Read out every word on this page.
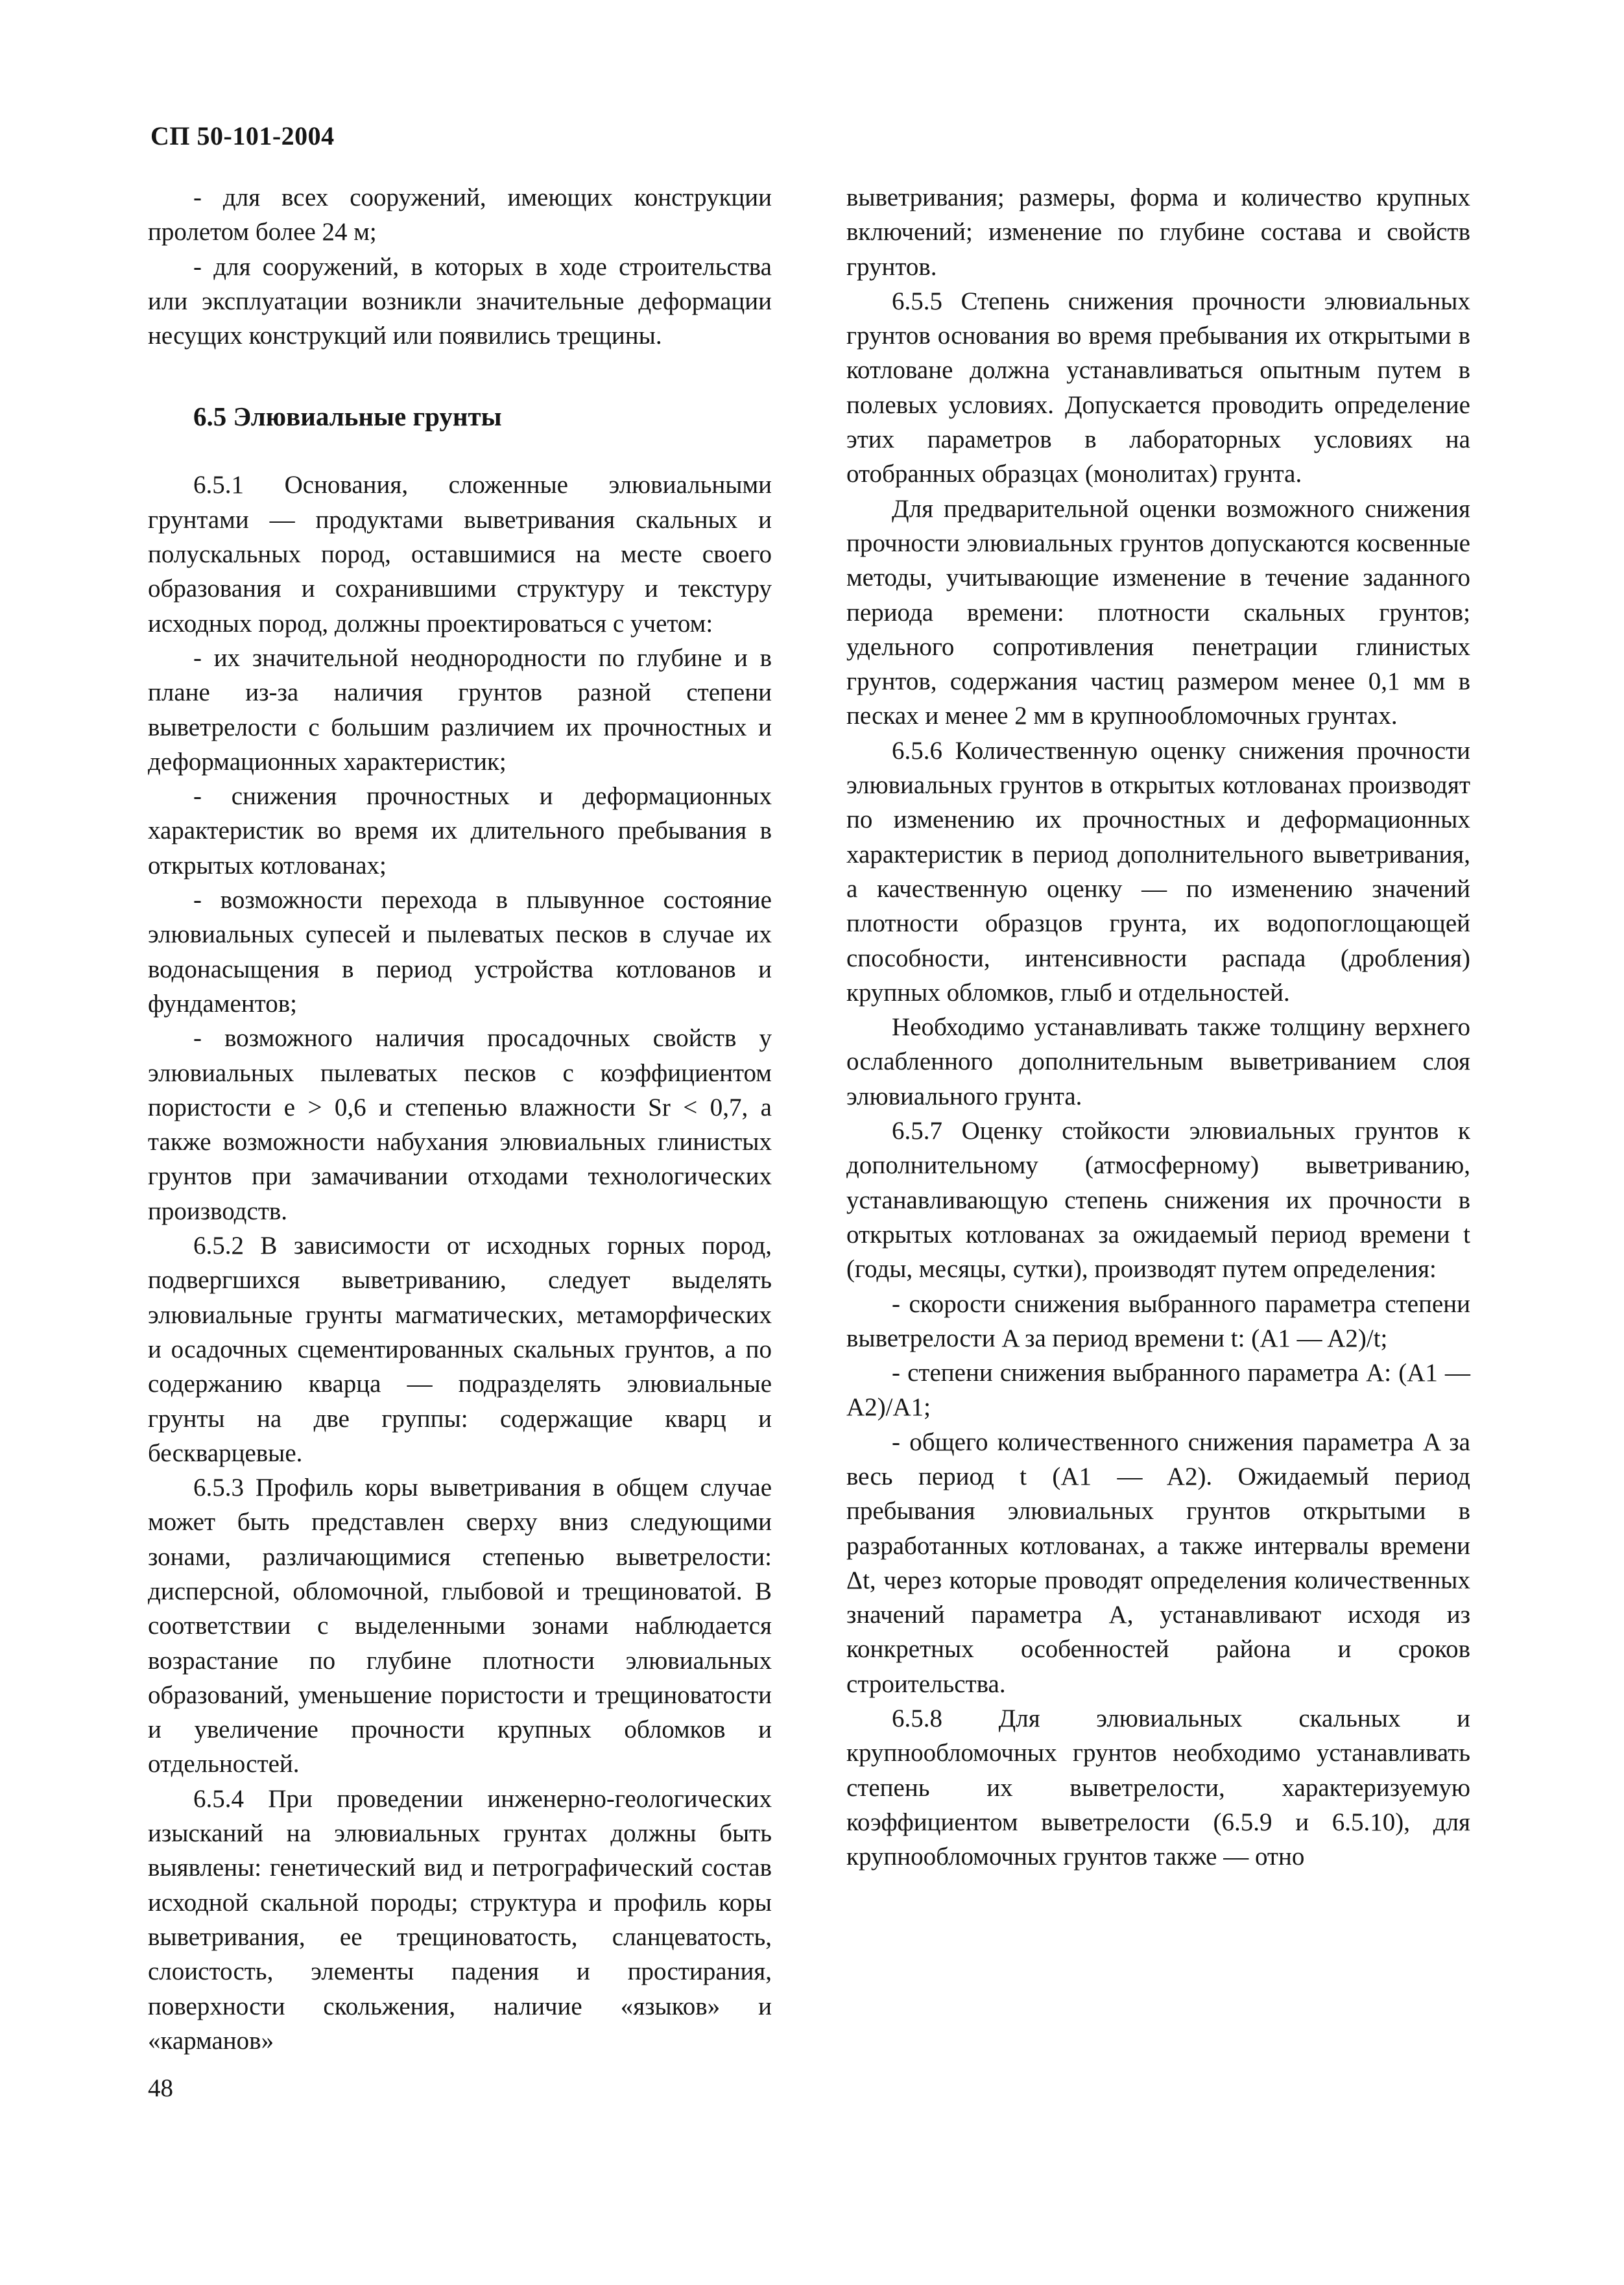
СП 50-101-2004

- для всех сооружений, имеющих конструкции пролетом более 24 м;

- для сооружений, в которых в ходе строительства или эксплуатации возникли значительные деформации несущих конструкций или появились трещины.

6.5 Элювиальные грунты

6.5.1 Основания, сложенные элювиальными грунтами — продуктами выветривания скальных и полускальных пород, оставшимися на месте своего образования и сохранившими структуру и текстуру исходных пород, должны проектироваться с учетом:

- их значительной неоднородности по глубине и в плане из-за наличия грунтов разной степени выветрелости с большим различием их прочностных и деформационных характеристик;

- снижения прочностных и деформационных характеристик во время их длительного пребывания в открытых котлованах;

- возможности перехода в плывунное состояние элювиальных супесей и пылеватых песков в случае их водонасыщения в период устройства котлованов и фундаментов;

- возможного наличия просадочных свойств у элювиальных пылеватых песков с коэффициентом пористости e > 0,6 и степенью влажности Sr < 0,7, а также возможности набухания элювиальных глинистых грунтов при замачивании отходами технологических производств.

6.5.2 В зависимости от исходных горных пород, подвергшихся выветриванию, следует выделять элювиальные грунты магматических, метаморфических и осадочных сцементированных скальных грунтов, а по содержанию кварца — подразделять элювиальные грунты на две группы: содержащие кварц и бескварцевые.

6.5.3 Профиль коры выветривания в общем случае может быть представлен сверху вниз следующими зонами, различающимися степенью выветрелости: дисперсной, обломочной, глыбовой и трещиноватой. В соответствии с выделенными зонами наблюдается возрастание по глубине плотности элювиальных образований, уменьшение пористости и трещиноватости и увеличение прочности крупных обломков и отдельностей.

6.5.4 При проведении инженерно-геологических изысканий на элювиальных грунтах должны быть выявлены: генетический вид и петрографический состав исходной скальной породы; структура и профиль коры выветривания, ее трещиноватость, сланцеватость, слоистость, элементы падения и простирания, поверхности скольжения, наличие «языков» и «карманов»

выветривания; размеры, форма и количество крупных включений; изменение по глубине состава и свойств грунтов.

6.5.5 Степень снижения прочности элювиальных грунтов основания во время пребывания их открытыми в котловане должна устанавливаться опытным путем в полевых условиях. Допускается проводить определение этих параметров в лабораторных условиях на отобранных образцах (монолитах) грунта.

Для предварительной оценки возможного снижения прочности элювиальных грунтов допускаются косвенные методы, учитывающие изменение в течение заданного периода времени: плотности скальных грунтов; удельного сопротивления пенетрации глинистых грунтов, содержания частиц размером менее 0,1 мм в песках и менее 2 мм в крупнообломочных грунтах.

6.5.6 Количественную оценку снижения прочности элювиальных грунтов в открытых котлованах производят по изменению их прочностных и деформационных характеристик в период дополнительного выветривания, а качественную оценку — по изменению значений плотности образцов грунта, их водопоглощающей способности, интенсивности распада (дробления) крупных обломков, глыб и отдельностей.

Необходимо устанавливать также толщину верхнего ослабленного дополнительным выветриванием слоя элювиального грунта.

6.5.7 Оценку стойкости элювиальных грунтов к дополнительному (атмосферному) выветриванию, устанавливающую степень снижения их прочности в открытых котлованах за ожидаемый период времени t (годы, месяцы, сутки), производят путем определения:

- скорости снижения выбранного параметра степени выветрелости A за период времени t: (A1 — A2)/t;

- степени снижения выбранного параметра A: (A1 — A2)/A1;

- общего количественного снижения параметра A за весь период t (A1 — A2). Ожидаемый период пребывания элювиальных грунтов открытыми в разработанных котлованах, а также интервалы времени Δt, через которые проводят определения количественных значений параметра A, устанавливают исходя из конкретных особенностей района и сроков строительства.

6.5.8 Для элювиальных скальных и крупнообломочных грунтов необходимо устанавливать степень их выветрелости, характеризуемую коэффициентом выветрелости (6.5.9 и 6.5.10), для крупнообломочных грунтов также — отно

48
